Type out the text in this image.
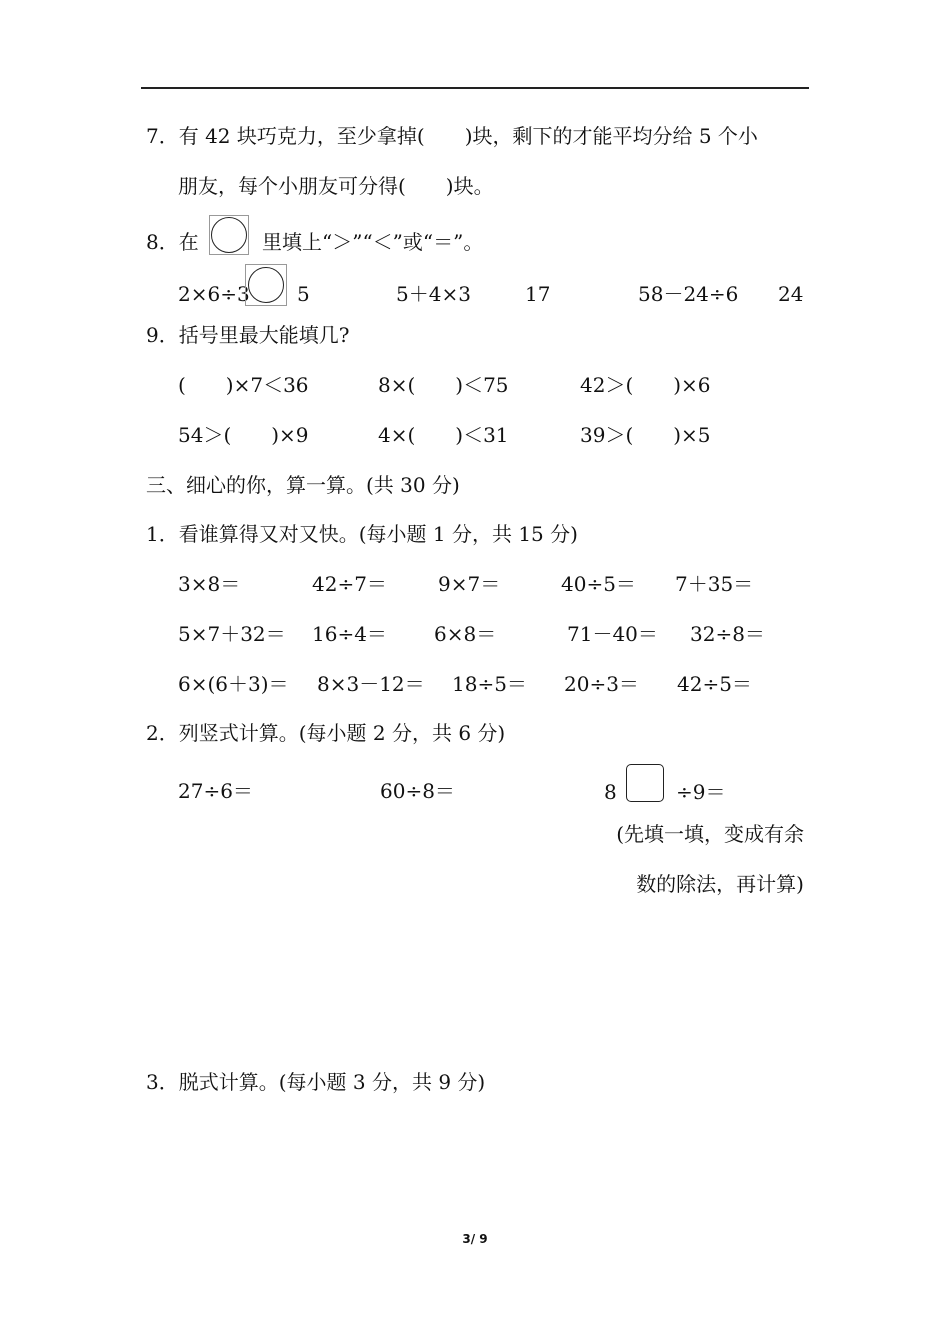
7．有 42 块巧克力，至少拿掉(　　)块，剩下的才能平均分给 5 个小
朋友，每个小朋友可分得(　　)块。
8．在	里填上“＞”“＜”或“＝”。
2×6÷3 5	5＋4×3	17	58－24÷6 24
9．括号里最大能填几?
(　　)×7＜36	8×(　　)＜75	42＞(　　)×6
54＞(　　)×9	4×(　　)＜31	39＞(　　)×5
三、细心的你，算一算。(共 30 分)
1．看谁算得又对又快。(每小题 1 分，共 15 分)
3×8＝	42÷7＝	9×7＝	40÷5＝ 7＋35＝
5×7＋32＝ 16÷4＝ 6×8＝	71－40＝ 32÷8＝
6×(6＋3)＝ 8×3－12＝ 18÷5＝ 20÷3＝ 42÷5＝
2．列竖式计算。(每小题 2 分，共 6 分)
27÷6＝	60÷8＝	8	÷9＝
(先填一填，变成有余
数的除法，再计算)
3．脱式计算。(每小题 3 分，共 9 分)
3/ 9
